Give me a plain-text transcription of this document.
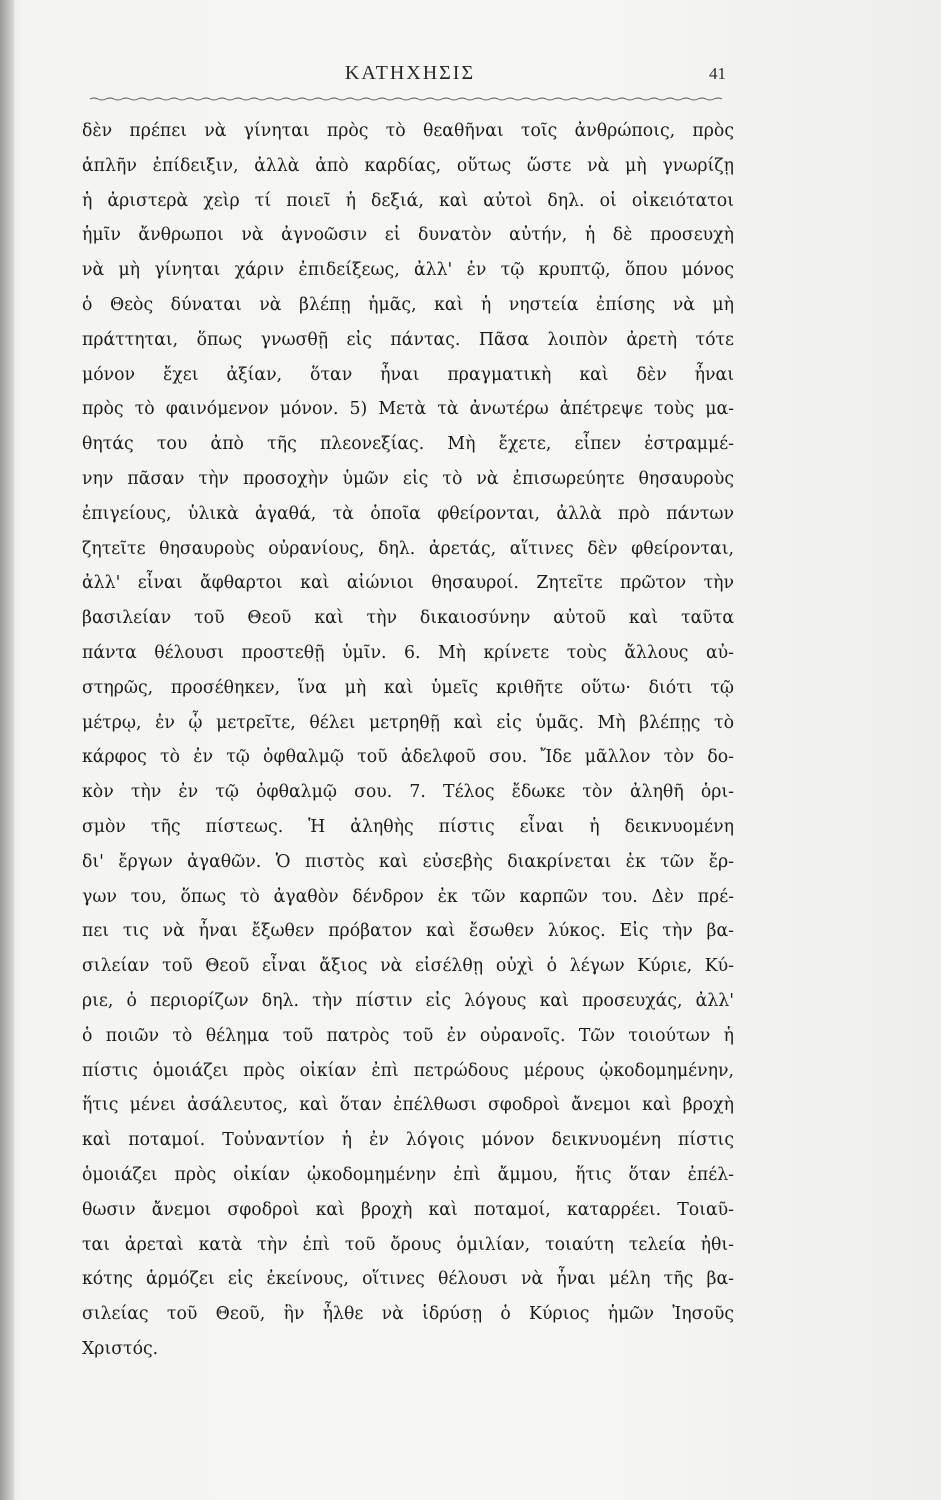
ΚΑΤΗΧΗΣΙΣ	41
δὲν πρέπει νὰ γίνηται πρὸς τὸ θεαθῆναι τοῖς ἀνθρώποις, πρὸς
ἁπλῆν ἐπίδειξιν, ἀλλὰ ἀπὸ καρδίας, οὕτως ὥστε νὰ μὴ γνωρίζῃ
ἡ ἀριστερὰ χεὶρ τί ποιεῖ ἡ δεξιά, καὶ αὐτοὶ δηλ. οἱ οἰκειότατοι
ἡμῖν ἄνθρωποι νὰ ἀγνοῶσιν εἰ δυνατὸν αὐτήν, ἡ δὲ προσευχὴ
νὰ μὴ γίνηται χάριν ἐπιδείξεως, ἀλλ' ἐν τῷ κρυπτῷ, ὅπου μόνος
ὁ Θεὸς δύναται νὰ βλέπῃ ἡμᾶς, καὶ ἡ νηστεία ἐπίσης νὰ μὴ
πράττηται, ὅπως γνωσθῇ εἰς πάντας. Πᾶσα λοιπὸν ἀρετὴ τότε
μόνον ἔχει ἀξίαν, ὅταν ἦναι πραγματικὴ καὶ δὲν ἦναι
πρὸς τὸ φαινόμενον μόνον. 5) Μετὰ τὰ ἀνωτέρω ἀπέτρεψε τοὺς μα-
θητάς του ἀπὸ τῆς πλεονεξίας. Μὴ ἔχετε, εἶπεν ἐστραμμέ-
νην πᾶσαν τὴν προσοχὴν ὑμῶν εἰς τὸ νὰ ἐπισωρεύητε θησαυροὺς
ἐπιγείους, ὑλικὰ ἀγαθά, τὰ ὁποῖα φθείρονται, ἀλλὰ πρὸ πάντων
ζητεῖτε θησαυροὺς οὐρανίους, δηλ. ἀρετάς, αἵτινες δὲν φθείρονται,
ἀλλ' εἶναι ἄφθαρτοι καὶ αἰώνιοι θησαυροί. Ζητεῖτε πρῶτον τὴν
βασιλείαν τοῦ Θεοῦ καὶ τὴν δικαιοσύνην αὐτοῦ καὶ ταῦτα
πάντα θέλουσι προστεθῇ ὑμῖν. 6. Μὴ κρίνετε τοὺς ἄλλους αὐ-
στηρῶς, προσέθηκεν, ἵνα μὴ καὶ ὑμεῖς κριθῆτε οὕτω· διότι τῷ
μέτρῳ, ἐν ᾧ μετρεῖτε, θέλει μετρηθῇ καὶ εἰς ὑμᾶς. Μὴ βλέπῃς τὸ
κάρφος τὸ ἐν τῷ ὀφθαλμῷ τοῦ ἀδελφοῦ σου. Ἴδε μᾶλλον τὸν δο-
κὸν τὴν ἐν τῷ ὀφθαλμῷ σου. 7. Τέλος ἔδωκε τὸν ἀληθῆ ὁρι-
σμὸν τῆς πίστεως. Ἡ ἀληθὴς πίστις εἶναι ἡ δεικνυομένη
δι' ἔργων ἀγαθῶν. Ὁ πιστὸς καὶ εὐσεβὴς διακρίνεται ἐκ τῶν ἔρ-
γων του, ὅπως τὸ ἀγαθὸν δένδρον ἐκ τῶν καρπῶν του. Δὲν πρέ-
πει τις νὰ ἦναι ἔξωθεν πρόβατον καὶ ἔσωθεν λύκος. Εἰς τὴν βα-
σιλείαν τοῦ Θεοῦ εἶναι ἄξιος νὰ εἰσέλθῃ οὐχὶ ὁ λέγων Κύριε, Κύ-
ριε, ὁ περιορίζων δηλ. τὴν πίστιν εἰς λόγους καὶ προσευχάς, ἀλλ'
ὁ ποιῶν τὸ θέλημα τοῦ πατρὸς τοῦ ἐν οὐρανοῖς. Τῶν τοιούτων ἡ
πίστις ὁμοιάζει πρὸς οἰκίαν ἐπὶ πετρώδους μέρους ᾠκοδομημένην,
ἥτις μένει ἀσάλευτος, καὶ ὅταν ἐπέλθωσι σφοδροὶ ἄνεμοι καὶ βροχὴ
καὶ ποταμοί. Τοὐναντίον ἡ ἐν λόγοις μόνον δεικνυομένη πίστις
ὁμοιάζει πρὸς οἰκίαν ᾠκοδομημένην ἐπὶ ἄμμου, ἥτις ὅταν ἐπέλ-
θωσιν ἄνεμοι σφοδροὶ καὶ βροχὴ καὶ ποταμοί, καταρρέει. Τοιαῦ-
ται ἀρεταὶ κατὰ τὴν ἐπὶ τοῦ ὄρους ὁμιλίαν, τοιαύτη τελεία ἠθι-
κότης ἁρμόζει εἰς ἐκείνους, οἵτινες θέλουσι νὰ ἦναι μέλη τῆς βα-
σιλείας τοῦ Θεοῦ, ἣν ἦλθε νὰ ἱδρύσῃ ὁ Κύριος ἡμῶν Ἰησοῦς
Χριστός.
